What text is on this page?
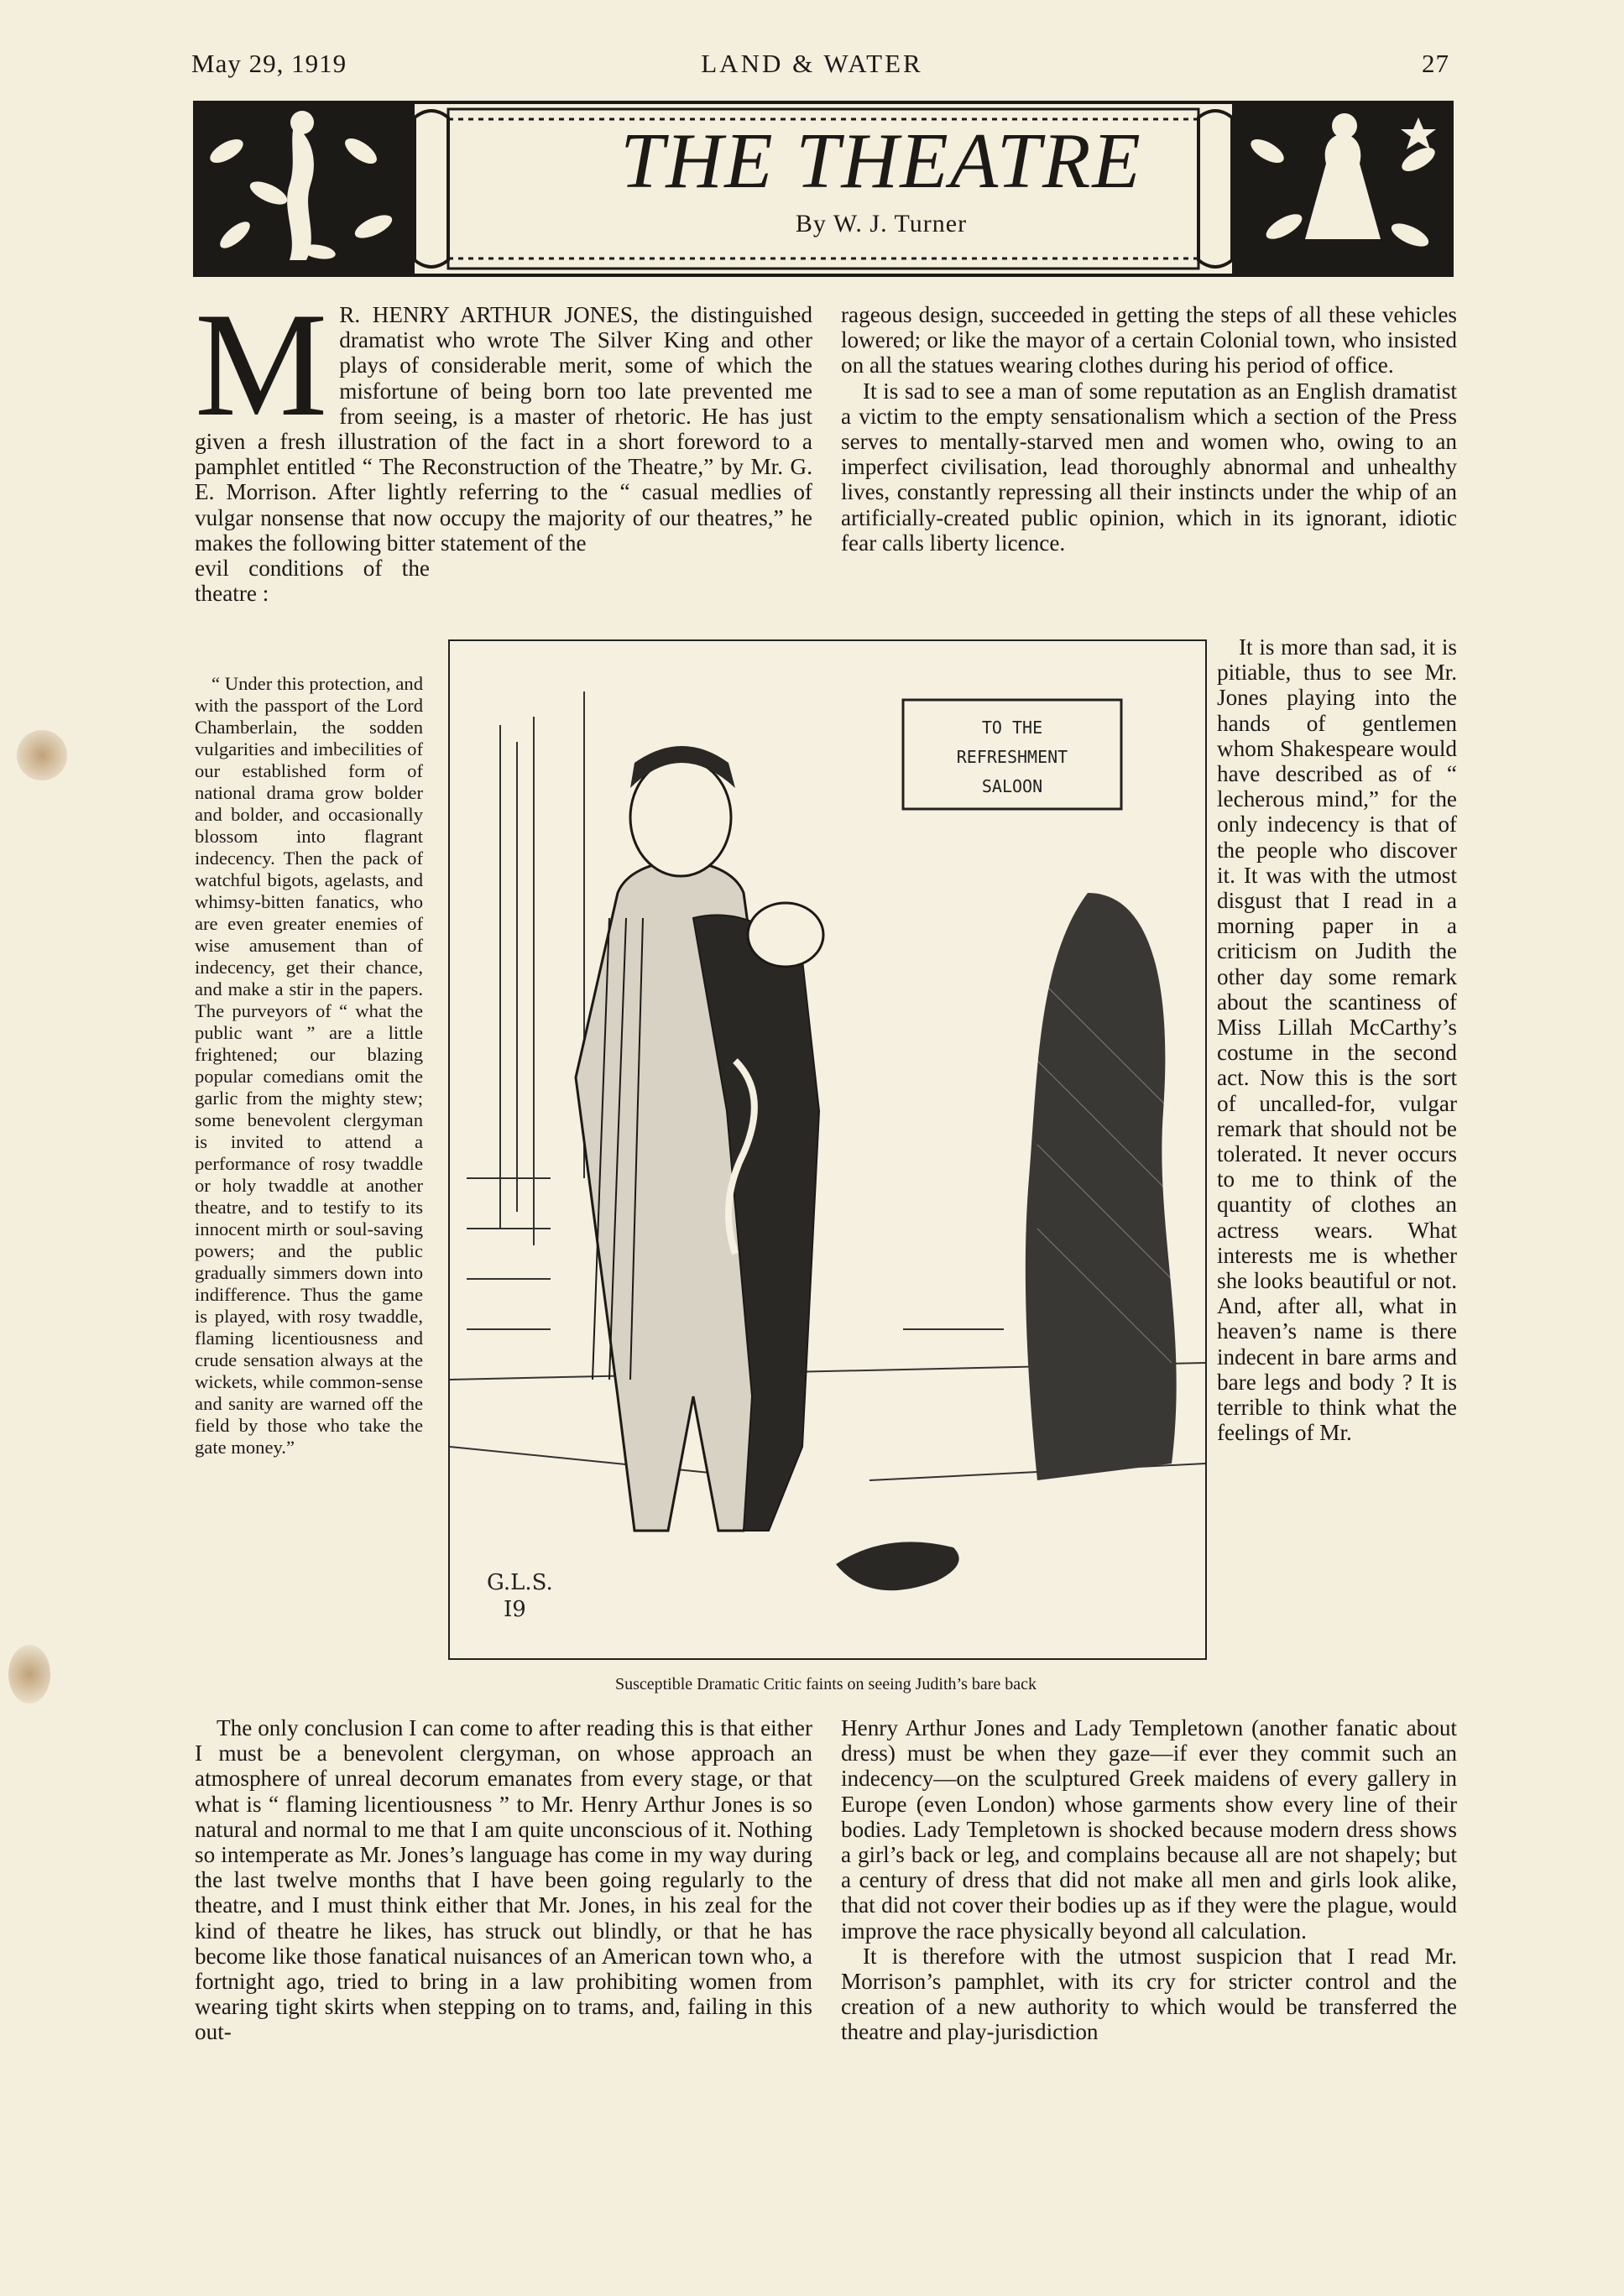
May 29, 1919	LAND & WATER	27
THE THEATRE
By W. J. Turner
M R. HENRY ARTHUR JONES, the distinguished dramatist who wrote The Silver King and other plays of considerable merit, some of which the misfortune of being born too late prevented me from seeing, is a master of rhetoric. He has just given a fresh illustration of the fact in a short foreword to a pamphlet entitled “ The Reconstruction of the Theatre,” by Mr. G. E. Morrison. After lightly referring to the “ casual medlies of vulgar nonsense that now occupy the majority of our theatres,” he makes the following bitter statement of the

evil conditions of the theatre :

rageous design, succeeded in getting the steps of all these vehicles lowered; or like the mayor of a certain Colonial town, who insisted on all the statues wearing clothes during his period of office.

It is sad to see a man of some reputation as an English dramatist a victim to the empty sensationalism which a section of the Press serves to mentally-starved men and women who, owing to an imperfect civilisation, lead thoroughly abnormal and unhealthy lives, constantly repressing all their instincts under the whip of an artificially-created public opinion, which in its ignorant, idiotic fear calls liberty licence.

“ Under this protection, and with the passport of the Lord Chamberlain, the sodden vulgarities and imbecilities of our established form of national drama grow bolder and bolder, and occasionally blossom into flagrant indecency. Then the pack of watchful bigots, agelasts, and whimsy-bitten fanatics, who are even greater enemies of wise amusement than of indecency, get their chance, and make a stir in the papers. The purveyors of “ what the public want ” are a little frightened; our blazing popular comedians omit the garlic from the mighty stew; some benevolent clergyman is invited to attend a performance of rosy twaddle or holy twaddle at another theatre, and to testify to its innocent mirth or soul-saving powers; and the public gradually simmers down into indifference. Thus the game is played, with rosy twaddle, flaming licentiousness and crude sensation always at the wickets, while common-sense and sanity are warned off the field by those who take the gate money.”

TO THE
REFRESHMENT
SALOON
G.L.S.
I9
Susceptible Dramatic Critic faints on seeing Judith’s bare back

It is more than sad, it is pitiable, thus to see Mr. Jones playing into the hands of gentlemen whom Shakespeare would have described as of “ lecherous mind,” for the only indecency is that of the people who discover it. It was with the utmost disgust that I read in a morning paper in a criticism on Judith the other day some remark about the scantiness of Miss Lillah McCarthy’s costume in the second act. Now this is the sort of uncalled-for, vulgar remark that should not be tolerated. It never occurs to me to think of the quantity of clothes an actress wears. What interests me is whether she looks beautiful or not. And, after all, what in heaven’s name is there indecent in bare arms and bare legs and body ? It is terrible to think what the feelings of Mr.

The only conclusion I can come to after reading this is that either I must be a benevolent clergyman, on whose approach an atmosphere of unreal decorum emanates from every stage, or that what is “ flaming licentiousness ” to Mr. Henry Arthur Jones is so natural and normal to me that I am quite unconscious of it. Nothing so intemperate as Mr. Jones’s language has come in my way during the last twelve months that I have been going regularly to the theatre, and I must think either that Mr. Jones, in his zeal for the kind of theatre he likes, has struck out blindly, or that he has become like those fanatical nuisances of an American town who, a fortnight ago, tried to bring in a law prohibiting women from wearing tight skirts when stepping on to trams, and, failing in this out-

Henry Arthur Jones and Lady Templetown (another fanatic about dress) must be when they gaze—if ever they commit such an indecency—on the sculptured Greek maidens of every gallery in Europe (even London) whose garments show every line of their bodies. Lady Templetown is shocked because modern dress shows a girl’s back or leg, and complains because all are not shapely; but a century of dress that did not make all men and girls look alike, that did not cover their bodies up as if they were the plague, would improve the race physically beyond all calculation.

It is therefore with the utmost suspicion that I read Mr. Morrison’s pamphlet, with its cry for stricter control and the creation of a new authority to which would be transferred the theatre and play-jurisdiction
